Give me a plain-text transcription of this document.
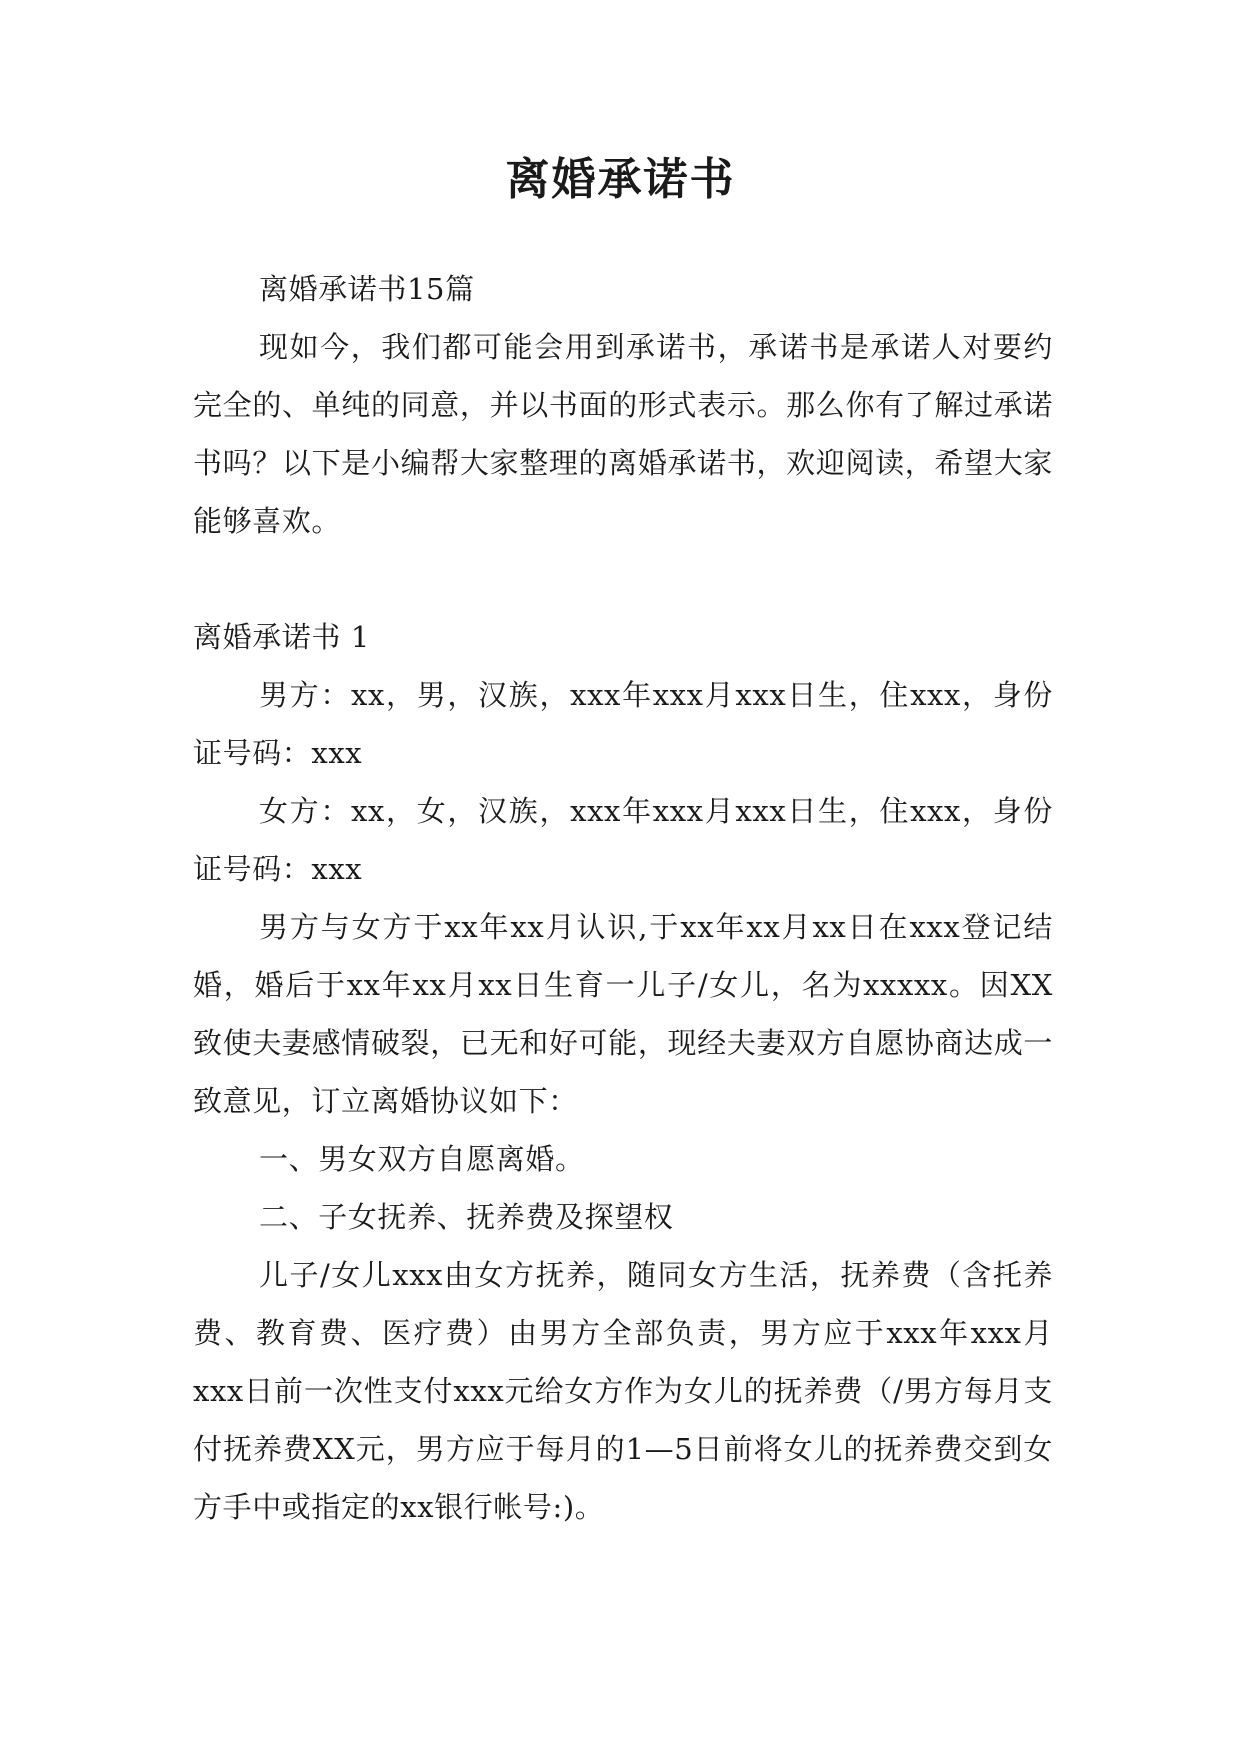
离婚承诺书

离婚承诺书15篇

现如今，我们都可能会用到承诺书，承诺书是承诺人对要约完全的、单纯的同意，并以书面的形式表示。那么你有了解过承诺书吗？以下是小编帮大家整理的离婚承诺书，欢迎阅读，希望大家能够喜欢。

离婚承诺书 1

男方：xx，男，汉族，xxx年xxx月xxx日生，住xxx，身份证号码：xxx

女方：xx，女，汉族，xxx年xxx月xxx日生，住xxx，身份证号码：xxx

男方与女方于xx年xx月认识,于xx年xx月xx日在xxx登记结婚，婚后于xx年xx月xx日生育一儿子/女儿，名为xxxxx。因XX致使夫妻感情破裂，已无和好可能，现经夫妻双方自愿协商达成一致意见，订立离婚协议如下：

一、男女双方自愿离婚。

二、子女抚养、抚养费及探望权

儿子/女儿xxx由女方抚养，随同女方生活，抚养费（含托养费、教育费、医疗费）由男方全部负责，男方应于xxx年xxx月xxx日前一次性支付xxx元给女方作为女儿的抚养费（/男方每月支付抚养费XX元，男方应于每月的1—5日前将女儿的抚养费交到女方手中或指定的xx银行帐号:)。
